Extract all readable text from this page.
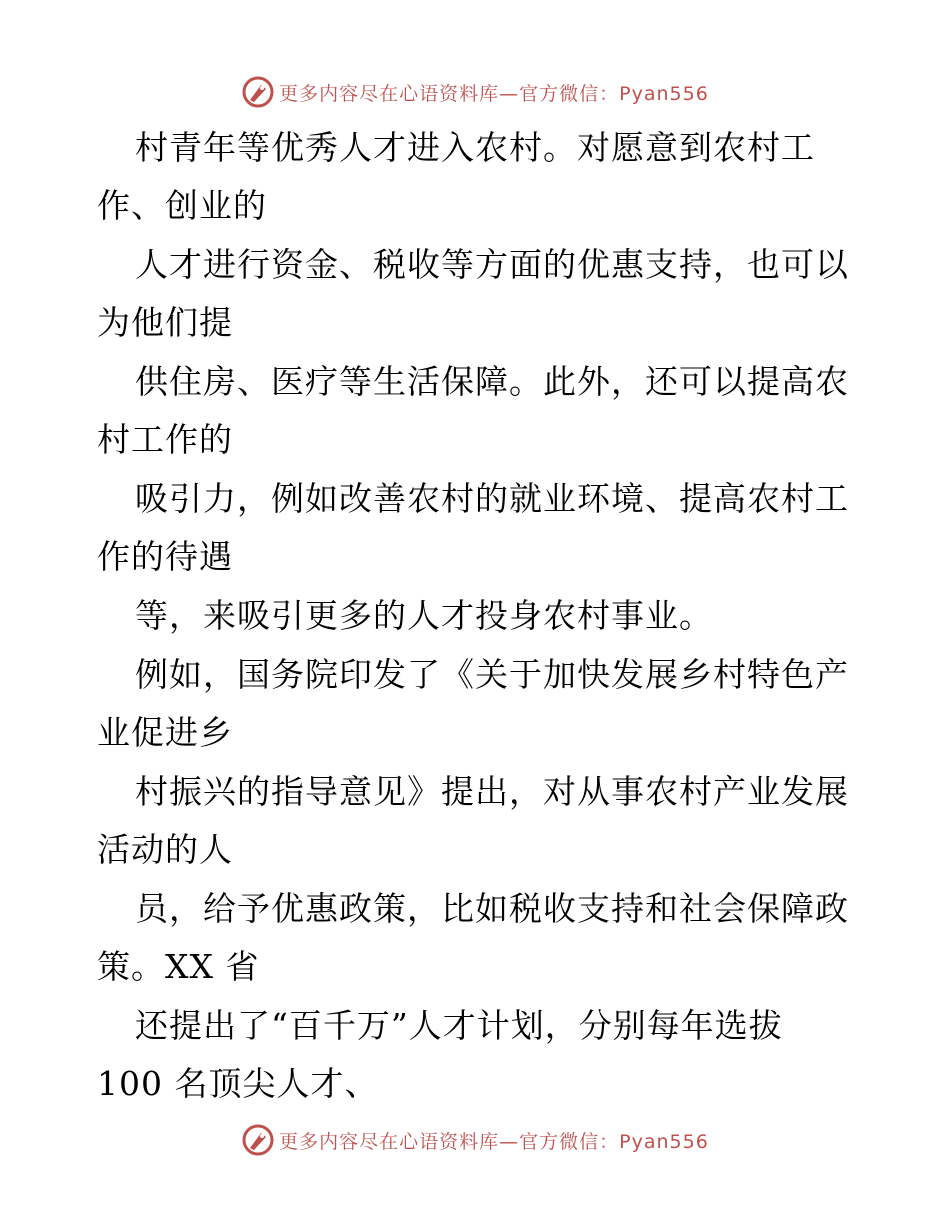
更多内容尽在心语资料库—官方微信：Pyan556
村青年等优秀人才进入农村。对愿意到农村工
作、创业的
人才进行资金、税收等方面的优惠支持，也可以
为他们提
供住房、医疗等生活保障。此外，还可以提高农
村工作的
吸引力，例如改善农村的就业环境、提高农村工
作的待遇
等，来吸引更多的人才投身农村事业。
例如，国务院印发了《关于加快发展乡村特色产
业促进乡
村振兴的指导意见》提出，对从事农村产业发展
活动的人
员，给予优惠政策，比如税收支持和社会保障政
策。XX 省
还提出了“百千万”人才计划，分别每年选拔
100 名顶尖人才、
更多内容尽在心语资料库—官方微信：Pyan556
